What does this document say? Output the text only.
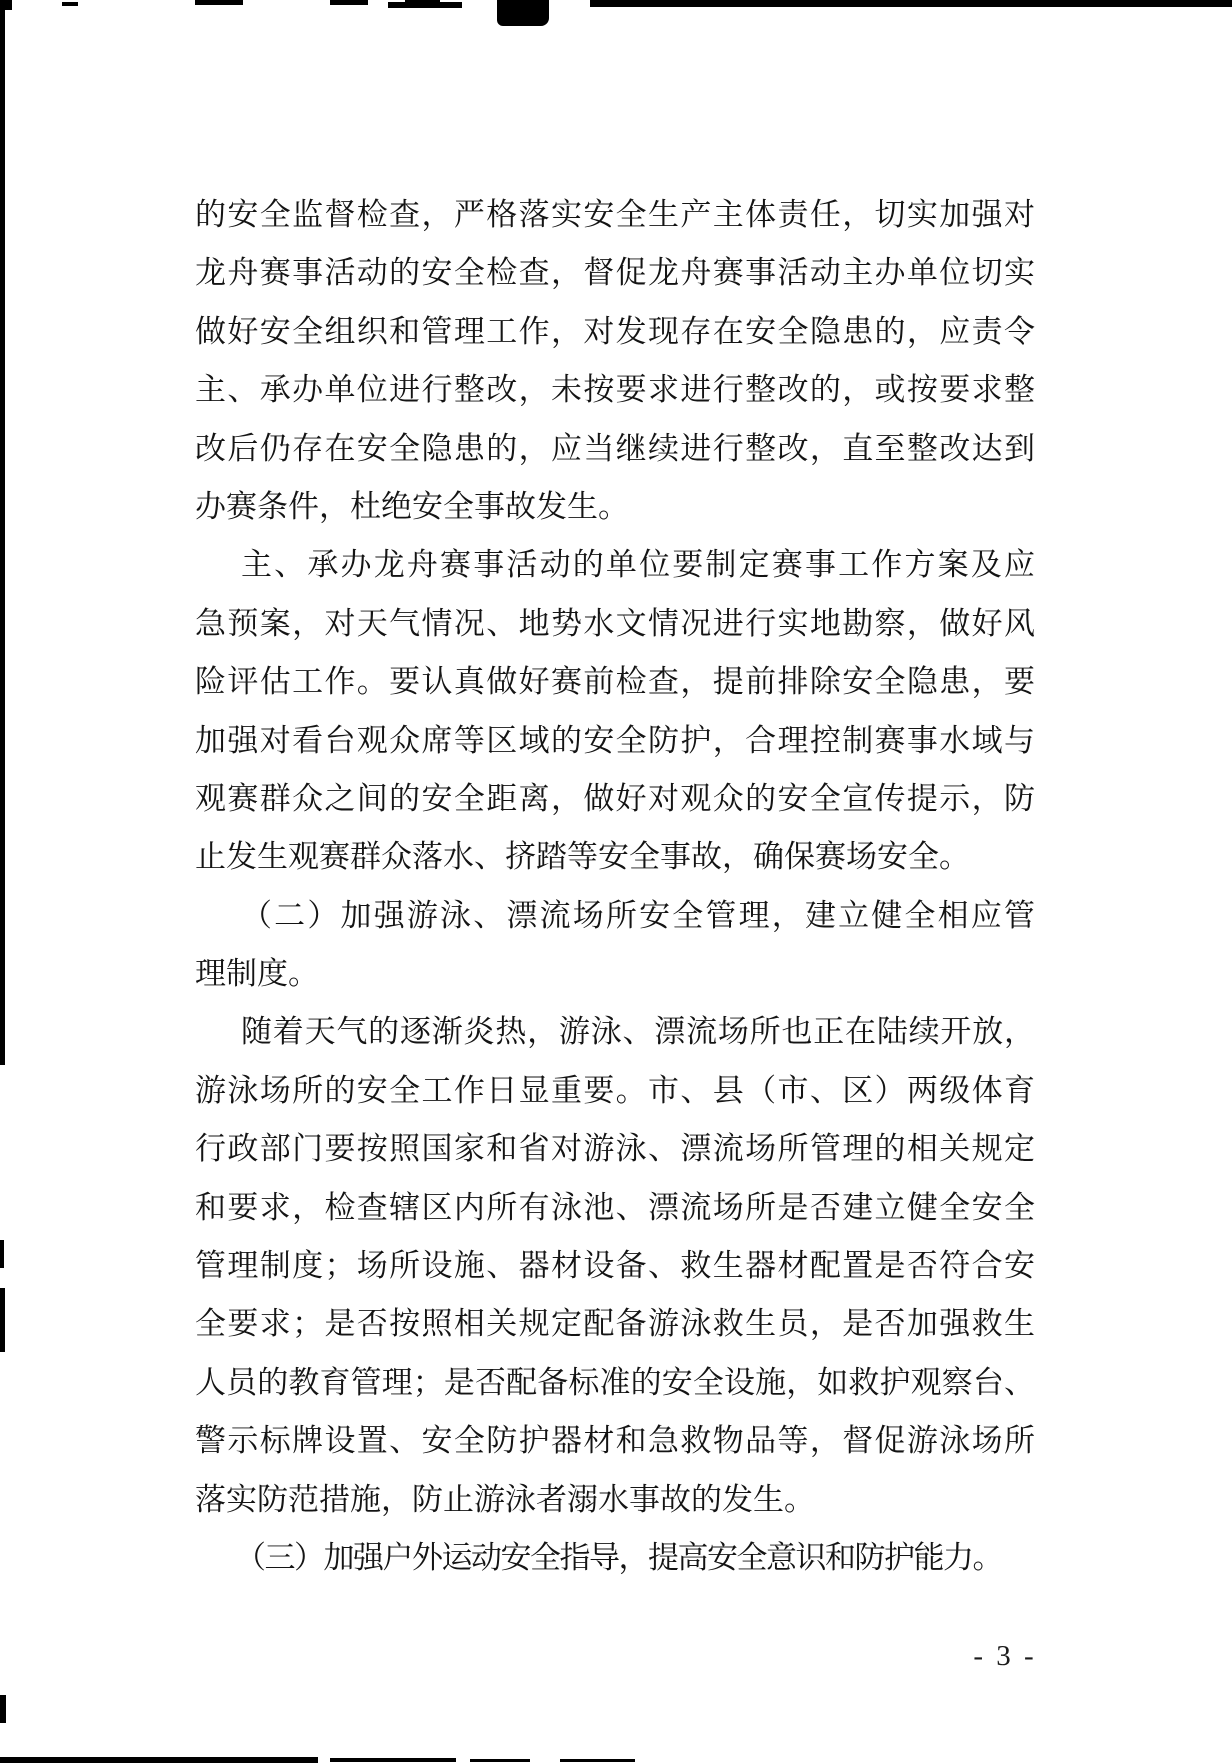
的安全监督检查，严格落实安全生产主体责任，切实加强对
龙舟赛事活动的安全检查，督促龙舟赛事活动主办单位切实
做好安全组织和管理工作，对发现存在安全隐患的，应责令
主、承办单位进行整改，未按要求进行整改的，或按要求整
改后仍存在安全隐患的，应当继续进行整改，直至整改达到
办赛条件，杜绝安全事故发生。
主、承办龙舟赛事活动的单位要制定赛事工作方案及应
急预案，对天气情况、地势水文情况进行实地勘察，做好风
险评估工作。要认真做好赛前检查，提前排除安全隐患，要
加强对看台观众席等区域的安全防护，合理控制赛事水域与
观赛群众之间的安全距离，做好对观众的安全宣传提示，防
止发生观赛群众落水、挤踏等安全事故，确保赛场安全。
（二）加强游泳、漂流场所安全管理，建立健全相应管
理制度。
随着天气的逐渐炎热，游泳、漂流场所也正在陆续开放，
游泳场所的安全工作日显重要。市、县（市、区）两级体育
行政部门要按照国家和省对游泳、漂流场所管理的相关规定
和要求，检查辖区内所有泳池、漂流场所是否建立健全安全
管理制度；场所设施、器材设备、救生器材配置是否符合安
全要求；是否按照相关规定配备游泳救生员，是否加强救生
人员的教育管理；是否配备标准的安全设施，如救护观察台、
警示标牌设置、安全防护器材和急救物品等，督促游泳场所
落实防范措施，防止游泳者溺水事故的发生。
（三）加强户外运动安全指导，提高安全意识和防护能力。
- 3 -
